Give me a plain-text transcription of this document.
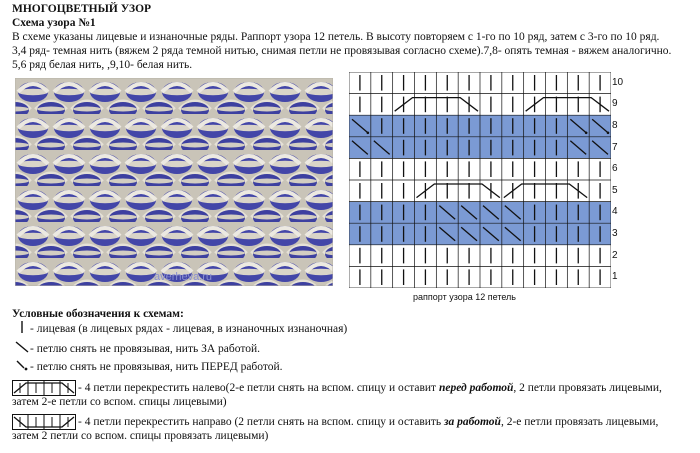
МНОГОЦВЕТНЫЙ УЗОР
Схема узора №1
В схеме указаны лицевые и изнаночные ряды. Раппорт узора 12 петель. В высоту повторяем с 1-го по 10 ряд, затем с 3-го по 10 ряд.
3,4 ряд- темная нить (вяжем 2 ряда темной нитью, снимая петли не провязывая согласно схеме).7,8- опять темная - вяжем аналогично.
5,6 ряд белая нить, ,9,10- белая нить.
averheva.ru
10
9
8
7
6
5
4
3
2
1
раппорт узора 12 петель
Условные обозначения к схемам:
- лицевая (в лицевых рядах - лицевая, в изнаночных изнаночная)
- петлю снять не провязывая, нить ЗА работой.
- петлю снять не провязывая, нить ПЕРЕД работой.
- 4 петли перекрестить налево(2-е петли снять на вспом. спицу и оставит перед работой, 2 петли провязать лицевыми,
затем 2-е петли со вспом. спицы лицевыми)
- 4 петли перекрестить направо (2 петли снять на вспом. спицу и оставить за работой, 2-е петли провязать лицевыми,
затем 2 петли со вспом. спицы провязать лицевыми)
